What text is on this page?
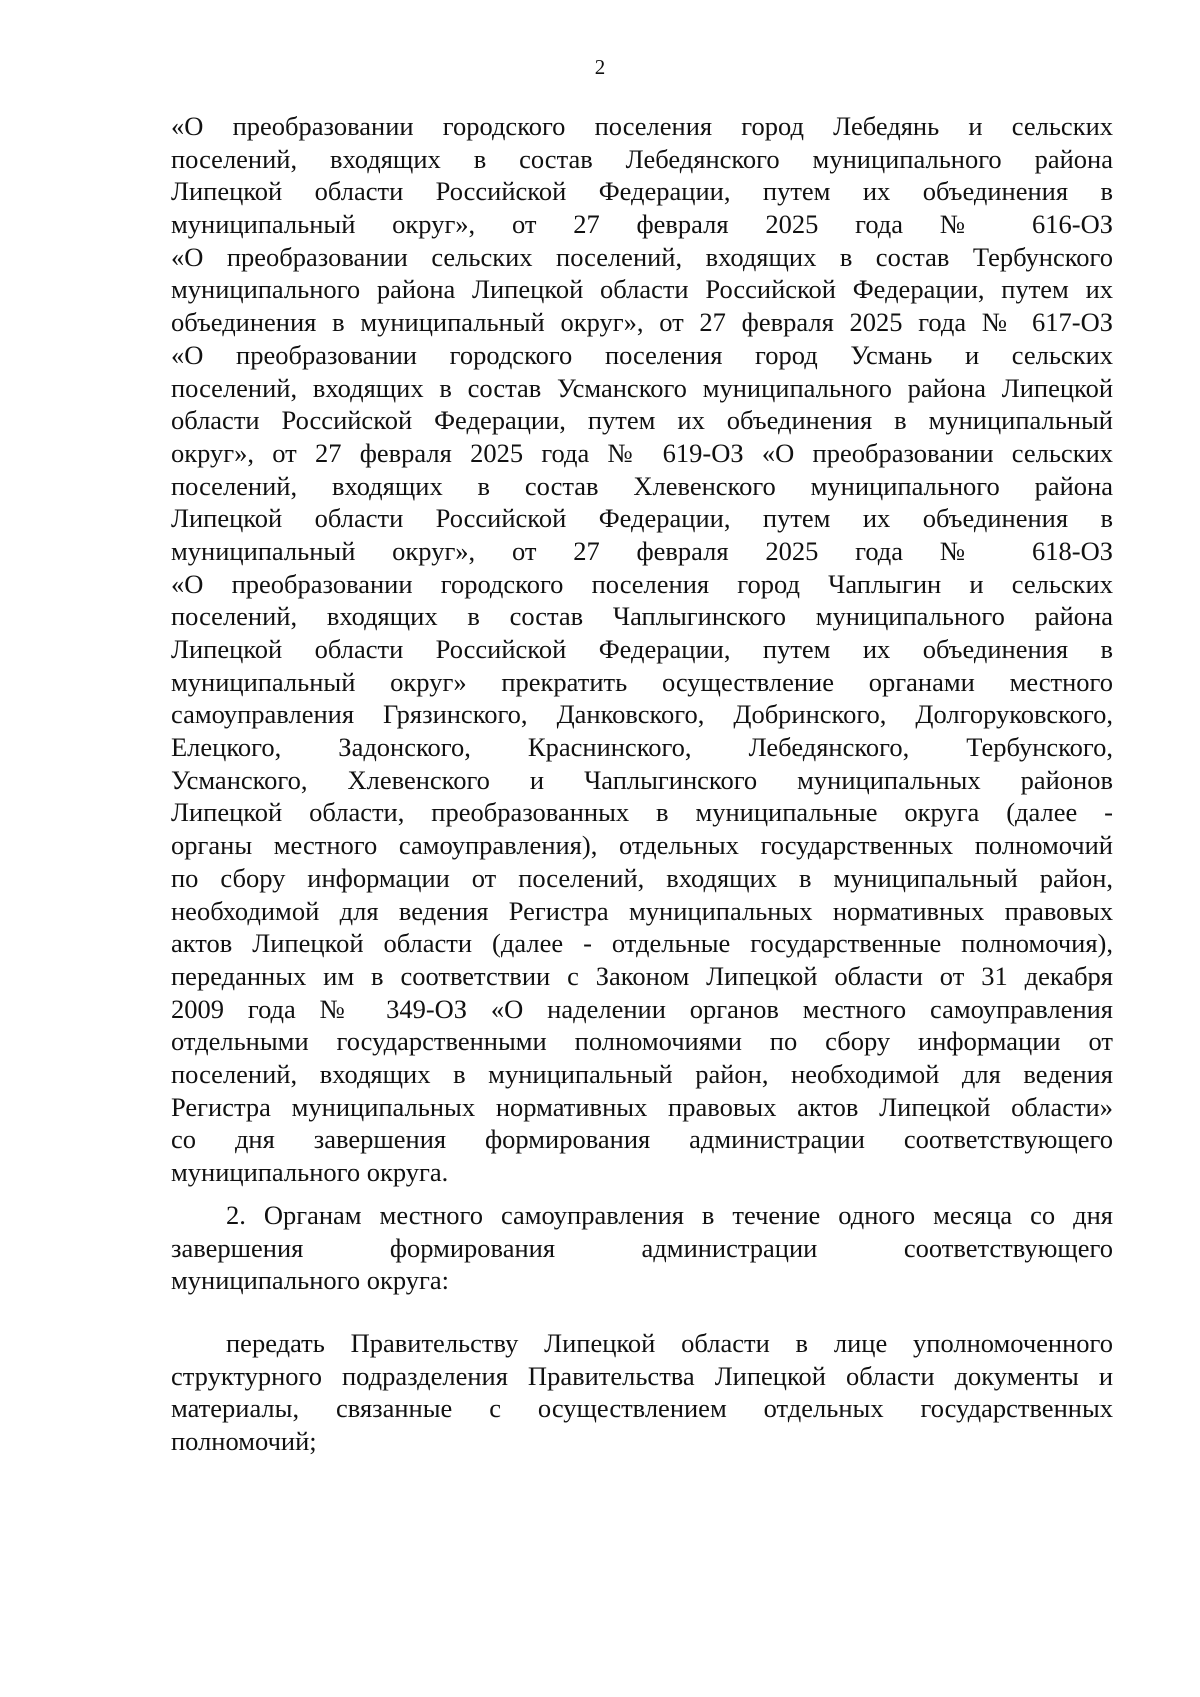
2
«О преобразовании городского поселения город Лебедянь и сельских
поселений, входящих в состав Лебедянского муниципального района
Липецкой области Российской Федерации, путем их объединения в
муниципальный округ», от 27 февраля 2025 года № 616-ОЗ
«О преобразовании сельских поселений, входящих в состав Тербунского
муниципального района Липецкой области Российской Федерации, путем их
объединения в муниципальный округ», от 27 февраля 2025 года № 617-ОЗ
«О преобразовании городского поселения город Усмань и сельских
поселений, входящих в состав Усманского муниципального района Липецкой
области Российской Федерации, путем их объединения в муниципальный
округ», от 27 февраля 2025 года № 619-ОЗ «О преобразовании сельских
поселений, входящих в состав Хлевенского муниципального района
Липецкой области Российской Федерации, путем их объединения в
муниципальный округ», от 27 февраля 2025 года № 618-ОЗ
«О преобразовании городского поселения город Чаплыгин и сельских
поселений, входящих в состав Чаплыгинского муниципального района
Липецкой области Российской Федерации, путем их объединения в
муниципальный округ» прекратить осуществление органами местного
самоуправления Грязинского, Данковского, Добринского, Долгоруковского,
Елецкого, Задонского, Краснинского, Лебедянского, Тербунского,
Усманского, Хлевенского и Чаплыгинского муниципальных районов
Липецкой области, преобразованных в муниципальные округа (далее -
органы местного самоуправления), отдельных государственных полномочий
по сбору информации от поселений, входящих в муниципальный район,
необходимой для ведения Регистра муниципальных нормативных правовых
актов Липецкой области (далее - отдельные государственные полномочия),
переданных им в соответствии с Законом Липецкой области от 31 декабря
2009 года № 349-ОЗ «О наделении органов местного самоуправления
отдельными государственными полномочиями по сбору информации от
поселений, входящих в муниципальный район, необходимой для ведения
Регистра муниципальных нормативных правовых актов Липецкой области»
со дня завершения формирования администрации соответствующего
муниципального округа.
2. Органам местного самоуправления в течение одного месяца со дня
завершения формирования администрации соответствующего
муниципального округа:
передать Правительству Липецкой области в лице уполномоченного
структурного подразделения Правительства Липецкой области документы и
материалы, связанные с осуществлением отдельных государственных
полномочий;
